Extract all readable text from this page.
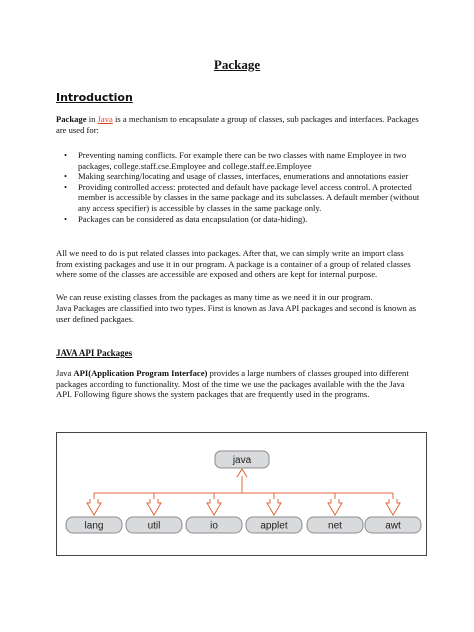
Package
Introduction

Package in Java is a mechanism to encapsulate a group of classes, sub packages and interfaces. Packages are used for:

• Preventing naming conflicts. For example there can be two classes with name Employee in two packages, college.staff.cse.Employee and college.staff.ee.Employee
• Making searching/locating and usage of classes, interfaces, enumerations and annotations easier
• Providing controlled access: protected and default have package level access control. A protected member is accessible by classes in the same package and its subclasses. A default member (without any access specifier) is accessible by classes in the same package only.
• Packages can be considered as data encapsulation (or data-hiding).

All we need to do is put related classes into packages. After that, we can simply write an import class from existing packages and use it in our program. A package is a container of a group of related classes where some of the classes are accessible are exposed and others are kept for internal purpose.

We can reuse existing classes from the packages as many time as we need it in our program.

Java Packages are classified into two types. First is known as Java API packages and second is known as user defined packgaes.

JAVA API Packages

Java API(Application Program Interface) provides a large numbers of classes grouped into different packages according to functionality. Most of the time we use the packages available with the the Java API. Following figure shows the system packages that are frequently used in the programs.

java
lang	util	io	applet	net	awt
